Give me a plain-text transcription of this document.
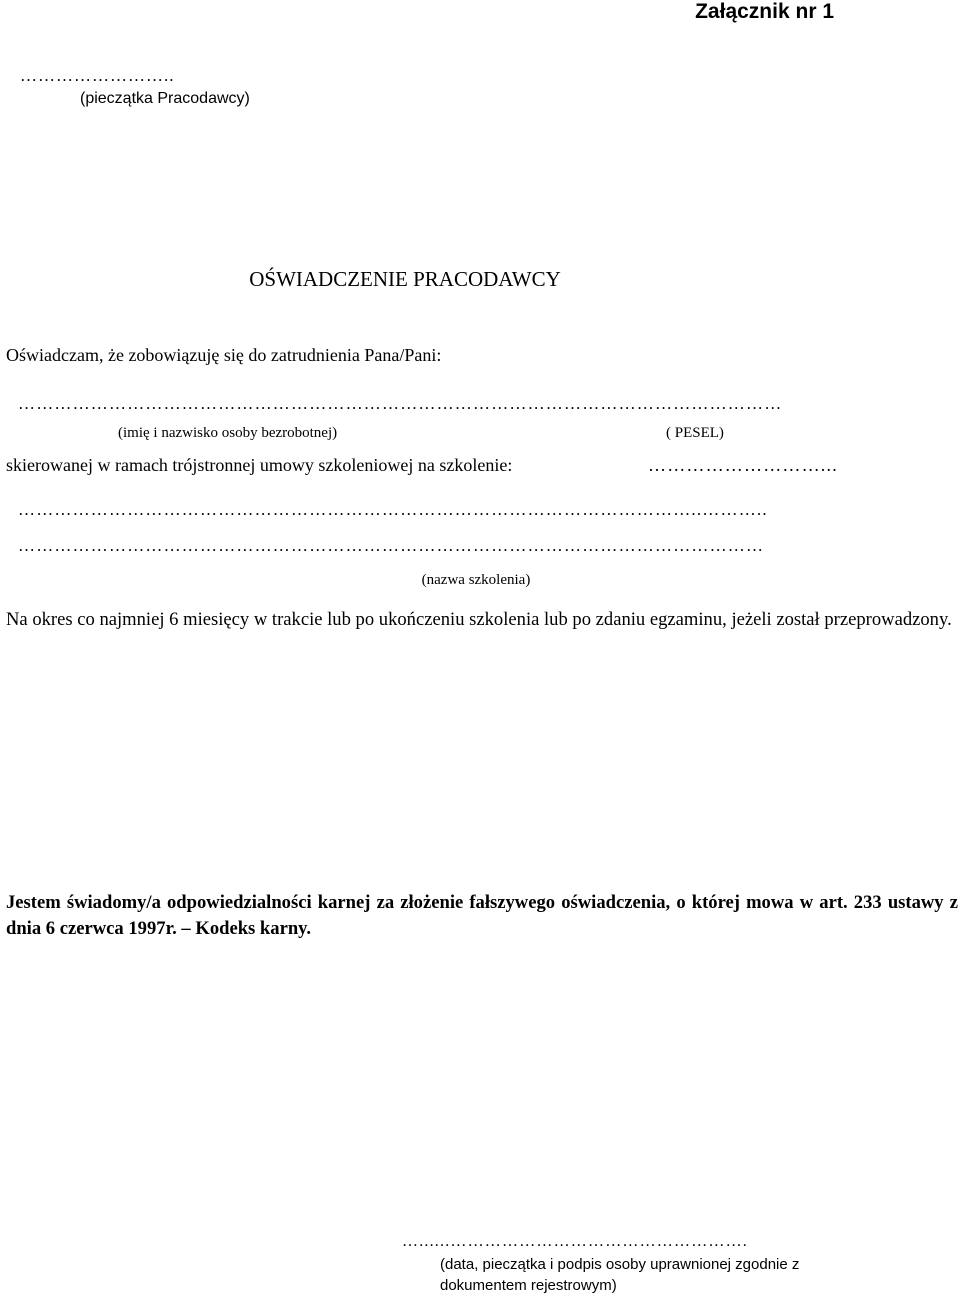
Załącznik nr 1
……………………..
(pieczątka Pracodawcy)
OŚWIADCZENIE PRACODAWCY
Oświadczam, że zobowiązuję się do zatrudnienia Pana/Pani:
………………………………………………………………………………………………………………
(imię i nazwisko osoby bezrobotnej)	( PESEL)
skierowanej w ramach trójstronnej umowy szkoleniowej na szkolenie:	………………………...
…………………………………………………………………………………………………..………..
……………………………………………………………………………………………………………
(nazwa szkolenia)
Na okres co najmniej 6 miesięcy w trakcie lub po ukończeniu szkolenia lub po zdaniu egzaminu, jeżeli został przeprowadzony.
Jestem świadomy/a odpowiedzialności karnej za złożenie fałszywego oświadczenia, o której mowa w art. 233 ustawy z dnia 6 czerwca 1997r. – Kodeks karny.
…......…………………………………………….
(data, pieczątka i podpis osoby uprawnionej zgodnie z dokumentem rejestrowym)
